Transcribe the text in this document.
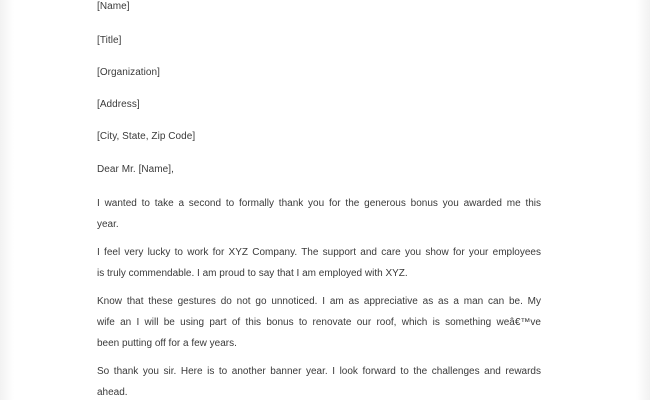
[Name]
[Title]
[Organization]
[Address]
[City, State, Zip Code]
Dear Mr. [Name],
I wanted to take a second to formally thank you for the generous bonus you awarded me this
year.
I feel very lucky to work for XYZ Company. The support and care you show for your employees
is truly commendable. I am proud to say that I am employed with XYZ.
Know that these gestures do not go unnoticed. I am as appreciative as as a man can be. My
wife an I will be using part of this bonus to renovate our roof, which is something weâ€™ve
been putting off for a few years.
So thank you sir. Here is to another banner year. I look forward to the challenges and rewards
ahead.
